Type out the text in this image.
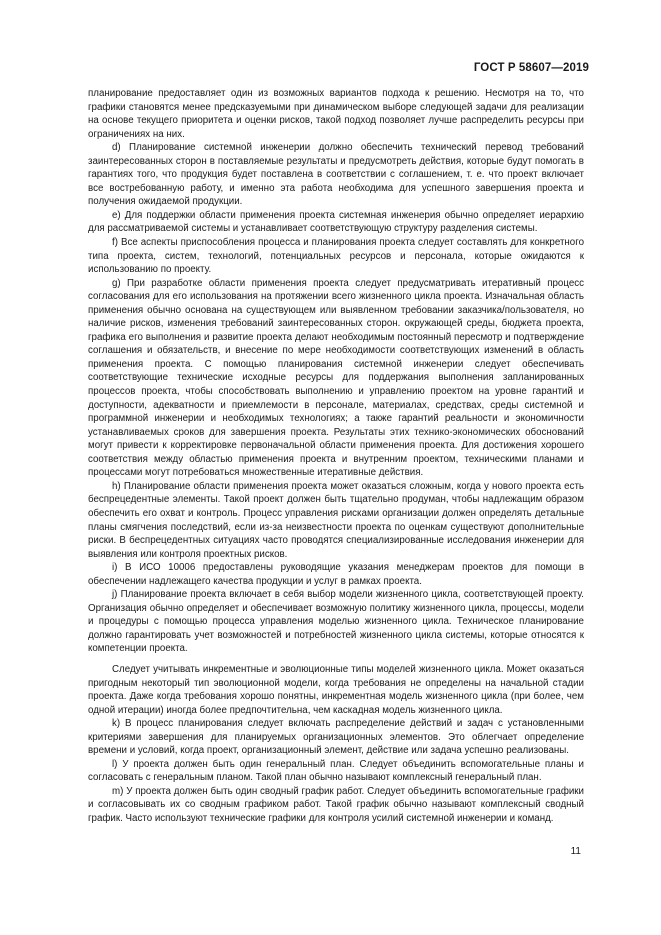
ГОСТ Р 58607—2019

планирование предоставляет один из возможных вариантов подхода к решению. Несмотря на то, что графики становятся менее предсказуемыми при динамическом выборе следующей задачи для реализации на основе текущего приоритета и оценки рисков, такой подход позволяет лучше распределить ресурсы при ограничениях на них.

d) Планирование системной инженерии должно обеспечить технический перевод требований заинтересованных сторон в поставляемые результаты и предусмотреть действия, которые будут помогать в гарантиях того, что продукция будет поставлена в соответствии с соглашением, т. е. что проект включает все востребованную работу, и именно эта работа необходима для успешного завершения проекта и получения ожидаемой продукции.

e) Для поддержки области применения проекта системная инженерия обычно определяет иерархию для рассматриваемой системы и устанавливает соответствующую структуру разделения системы.

f) Все аспекты приспособления процесса и планирования проекта следует составлять для конкретного типа проекта, систем, технологий, потенциальных ресурсов и персонала, которые ожидаются к использованию по проекту.

g) При разработке области применения проекта следует предусматривать итеративный процесс согласования для его использования на протяжении всего жизненного цикла проекта. Изначальная область применения обычно основана на существующем или выявленном требовании заказчика/пользователя, но наличие рисков, изменения требований заинтересованных сторон. окружающей среды, бюджета проекта, графика его выполнения и развитие проекта делают необходимым постоянный пересмотр и подтверждение соглашения и обязательств, и внесение по мере необходимости соответствующих изменений в область применения проекта. С помощью планирования системной инженерии следует обеспечивать соответствующие технические исходные ресурсы для поддержания выполнения запланированных процессов проекта, чтобы способствовать выполнению и управлению проектом на уровне гарантий и доступности, адекватности и приемлемости в персонале, материалах, средствах, среды системной и программной инженерии и необходимых технологиях; а также гарантий реальности и экономичности устанавливаемых сроков для завершения проекта. Результаты этих технико-экономических обоснований могут привести к корректировке первоначальной области применения проекта. Для достижения хорошего соответствия между областью применения проекта и внутренним проектом, техническими планами и процессами могут потребоваться множественные итеративные действия.

h) Планирование области применения проекта может оказаться сложным, когда у нового проекта есть беспрецедентные элементы. Такой проект должен быть тщательно продуман, чтобы надлежащим образом обеспечить его охват и контроль. Процесс управления рисками организации должен определять детальные планы смягчения последствий, если из-за неизвестности проекта по оценкам существуют дополнительные риски. В беспрецедентных ситуациях часто проводятся специализированные исследования инженерии для выявления или контроля проектных рисков.

i) В ИСО 10006 предоставлены руководящие указания менеджерам проектов для помощи в обеспечении надлежащего качества продукции и услуг в рамках проекта.

j) Планирование проекта включает в себя выбор модели жизненного цикла, соответствующей проекту. Организация обычно определяет и обеспечивает возможную политику жизненного цикла, процессы, модели и процедуры с помощью процесса управления моделью жизненного цикла. Техническое планирование должно гарантировать учет возможностей и потребностей жизненного цикла системы, которые относятся к компетенции проекта.

Следует учитывать инкрементные и эволюционные типы моделей жизненного цикла. Может оказаться пригодным некоторый тип эволюционной модели, когда требования не определены на начальной стадии проекта. Даже когда требования хорошо понятны, инкрементная модель жизненного цикла (при более, чем одной итерации) иногда более предпочтительна, чем каскадная модель жизненного цикла.

k) В процесс планирования следует включать распределение действий и задач с установленными критериями завершения для планируемых организационных элементов. Это облегчает определение времени и условий, когда проект, организационный элемент, действие или задача успешно реализованы.

l) У проекта должен быть один генеральный план. Следует объединить вспомогательные планы и согласовать с генеральным планом. Такой план обычно называют комплексный генеральный план.

m) У проекта должен быть один сводный график работ. Следует объединить вспомогательные графики и согласовывать их со сводным графиком работ. Такой график обычно называют комплексный сводный график. Часто используют технические графики для контроля усилий системной инженерии и команд.

11
